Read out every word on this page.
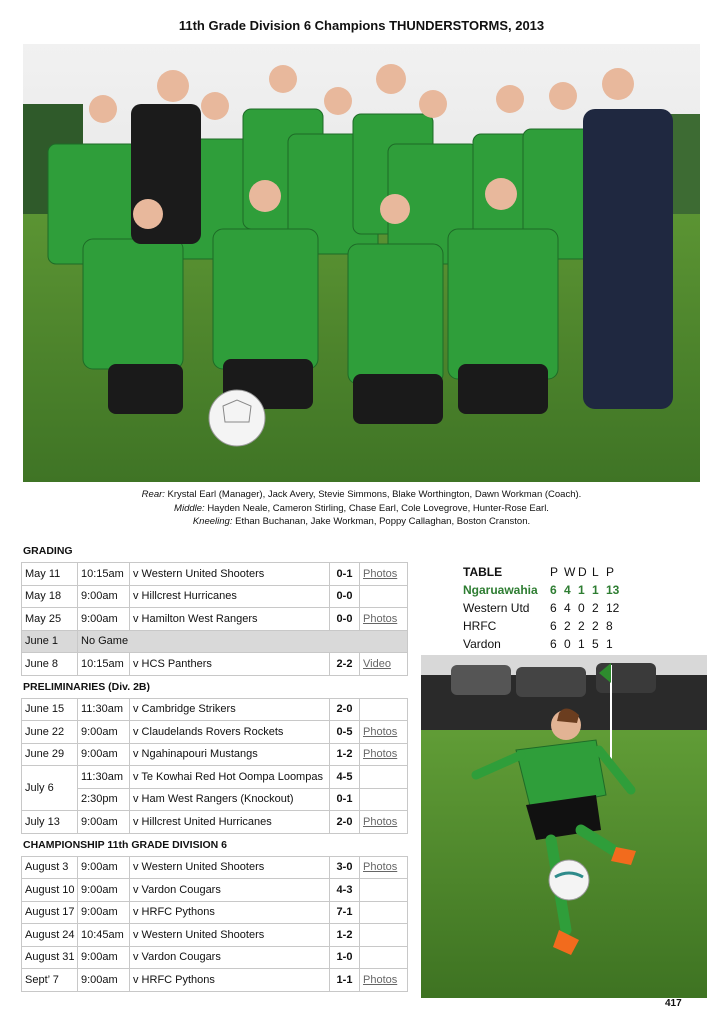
11th Grade Division 6 Champions THUNDERSTORMS, 2013
Rear: Krystal Earl (Manager), Jack Avery, Stevie Simmons, Blake Worthington, Dawn Workman (Coach).
Middle: Hayden Neale, Cameron Stirling, Chase Earl, Cole Lovegrove, Hunter-Rose Earl.
Kneeling: Ethan Buchanan, Jake Workman, Poppy Callaghan, Boston Cranston.
GRADING
May 11	10:15am	v Western United Shooters	0-1	Photos
May 18	9:00am	v Hillcrest Hurricanes	0-0	
May 25	9:00am	v Hamilton West Rangers	0-0	Photos
June 1	No Game			
June 8	10:15am	v HCS Panthers	2-2	Video
PRELIMINARIES (Div. 2B)
June 15	11:30am	v Cambridge Strikers	2-0	
June 22	9:00am	v Claudelands Rovers Rockets	0-5	Photos
June 29	9:00am	v Ngahinapouri Mustangs	1-2	Photos
July 6	11:30am	v Te Kowhai Red Hot Oompa Loompas	4-5	
	2:30pm	v Ham West Rangers (Knockout)	0-1	
July 13	9:00am	v Hillcrest United Hurricanes	2-0	Photos
CHAMPIONSHIP 11th GRADE DIVISION 6
August 3	9:00am	v Western United Shooters	3-0	Photos
August 10	9:00am	v Vardon Cougars	4-3	
August 17	9:00am	v HRFC Pythons	7-1	
August 24	10:45am	v Western United Shooters	1-2	
August 31	9:00am	v Vardon Cougars	1-0	
Sept’ 7	9:00am	v HRFC Pythons	1-1	Photos
TABLE	P	W	D	L	P
Ngaruawahia	6	4	1	1	13
Western Utd	6	4	0	2	12
HRFC	6	2	2	2	8
Vardon	6	0	1	5	1
417
